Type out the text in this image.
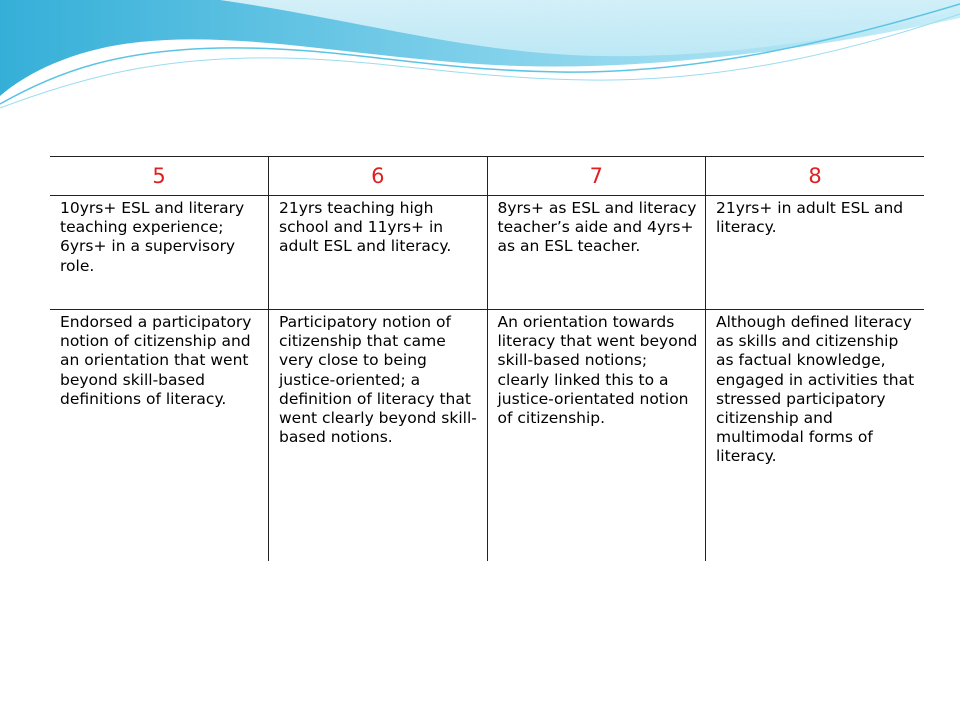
5	6	7	8
10yrs+ ESL and literary teaching experience; 6yrs+ in a supervisory role.	21yrs teaching high school and 11yrs+ in adult ESL and literacy.	8yrs+ as ESL and literacy teacher’s aide and 4yrs+ as an ESL teacher.	21yrs+ in adult ESL and literacy.
Endorsed a participatory notion of citizenship and an orientation that went beyond skill-based definitions of literacy.	Participatory notion of citizenship that came very close to being justice-oriented; a definition of literacy that went clearly beyond skill-based notions.	An orientation towards literacy that went beyond skill-based notions; clearly linked this to a justice-orientated notion of citizenship.	Although defined literacy as skills and citizenship as factual knowledge, engaged in activities that stressed participatory citizenship and multimodal forms of literacy.
